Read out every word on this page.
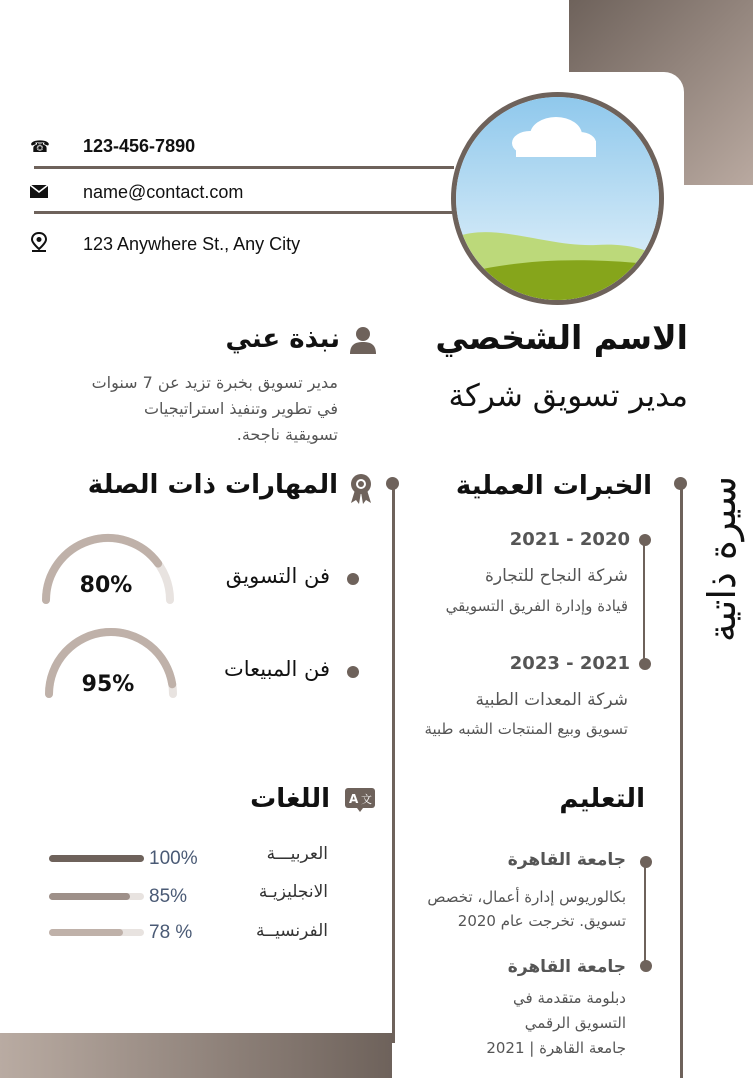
☎	123-456-7890
name@contact.com
123 Anywhere St., Any City
الاسم الشخصي
مدير تسويق شركة
نبذة عني
مدير تسويق بخبرة تزيد عن 7 سنوات
في تطوير وتنفيذ استراتيجيات
تسويقية ناجحة.
سيرة ذاتية
الخبرات العملية
2020 - 2021
شركة النجاح للتجارة
قيادة وإدارة الفريق التسويقي
2021 - 2023
شركة المعدات الطبية
تسويق وبيع المنتجات الشبه طبية
التعليم
جامعة القاهرة
بكالوريوس إدارة أعمال، تخصص
تسويق. تخرجت عام 2020
جامعة القاهرة
دبلومة متقدمة في
التسويق الرقمي
جامعة القاهرة | 2021
المهارات ذات الصلة
فن التسويق
فن المبيعات
80%
95%
A 文
اللغات
العربيـــة
الانجليزيـة
الفرنسيــة
100%
85%
78 %
